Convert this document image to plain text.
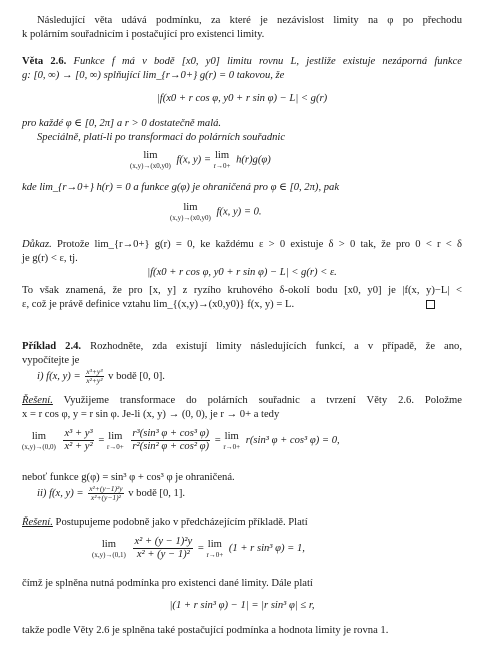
Následující věta udává podmínku, za které je nezávislost limity na φ po přechodu
k polárním souřadnicím i postačující pro existenci limity.
Věta 2.6. Funkce f má v bodě [x0, y0] limitu rovnu L, jestliže existuje nezáporná funkce
g: [0, ∞) → [0, ∞) splňující lim_{r→0+} g(r) = 0 takovou, že
|f(x0 + r cos φ, y0 + r sin φ) − L| < g(r)
pro každé φ ∈ [0, 2π] a r > 0 dostatečně malá.
Speciálně, platí-li po transformaci do polárních souřadnic
lim
(x,y)→(x0,y0)
f(x, y) = lim
r→0+
h(r)g(φ)
kde lim_{r→0+} h(r) = 0 a funkce g(φ) je ohraničená pro φ ∈ [0, 2π), pak
lim
(x,y)→(x0,y0)
f(x, y) = 0.
Důkaz. Protože lim_{r→0+} g(r) = 0, ke každému ε > 0 existuje δ > 0 tak, že pro 0 < r < δ
je g(r) < ε, tj.
|f(x0 + r cos φ, y0 + r sin φ) − L| < g(r) < ε.
To však znamená, že pro [x, y] z ryzího kruhového δ-okolí bodu [x0, y0] je |f(x, y)−L| <
ε, což je právě definice vztahu lim_{(x,y)→(x0,y0)} f(x, y) = L.
Příklad 2.4. Rozhodněte, zda existují limity následujících funkcí, a v případě, že ano,
vypočítejte je
i) f(x, $y) = \frac{\text{x³+y³}}{\text{x²+y²}}$ v bodě [0, 0].
Řešení. Využijeme transformace do polárních souřadnic a tvrzení Věty 2.6. Položme
x = r cos φ, y = r sin φ. Je-li (x, y) → (0, 0), je r → 0+ a tedy
lim
(x,y)→(0,0)
$\frac{\text{x³ + y³}}{\text{x² + y²}} = \lim$
r→0+
$\frac{\text{r³(sin³ φ + cos³ φ)}}{\text{r²(sin² φ + cos² φ)}} = \lim$
r→0+
r(sin³ φ + cos³ φ) = 0,
neboť funkce g(φ) = sin³ φ + cos³ φ je ohraničená.
ii) f(x, $y) = \frac{\text{x²+(y−1)²y}}{\text{x²+(y−1)²}}$ v bodě [0, 1].
Řešení. Postupujeme podobně jako v předcházejícím příkladě. Platí
lim
(x,y)→(0,1)
$\frac{\text{x² + (y − 1)²y}}{\text{x² + (y − 1)²}} = \lim$
r→0+
(1 + r sin³ φ) = 1,
čímž je splněna nutná podmínka pro existenci dané limity. Dále platí
|(1 + r sin³ φ) − 1| = |r sin³ φ| ≤ r,
takže podle Věty 2.6 je splněna také postačující podmínka a hodnota limity je rovna 1.
